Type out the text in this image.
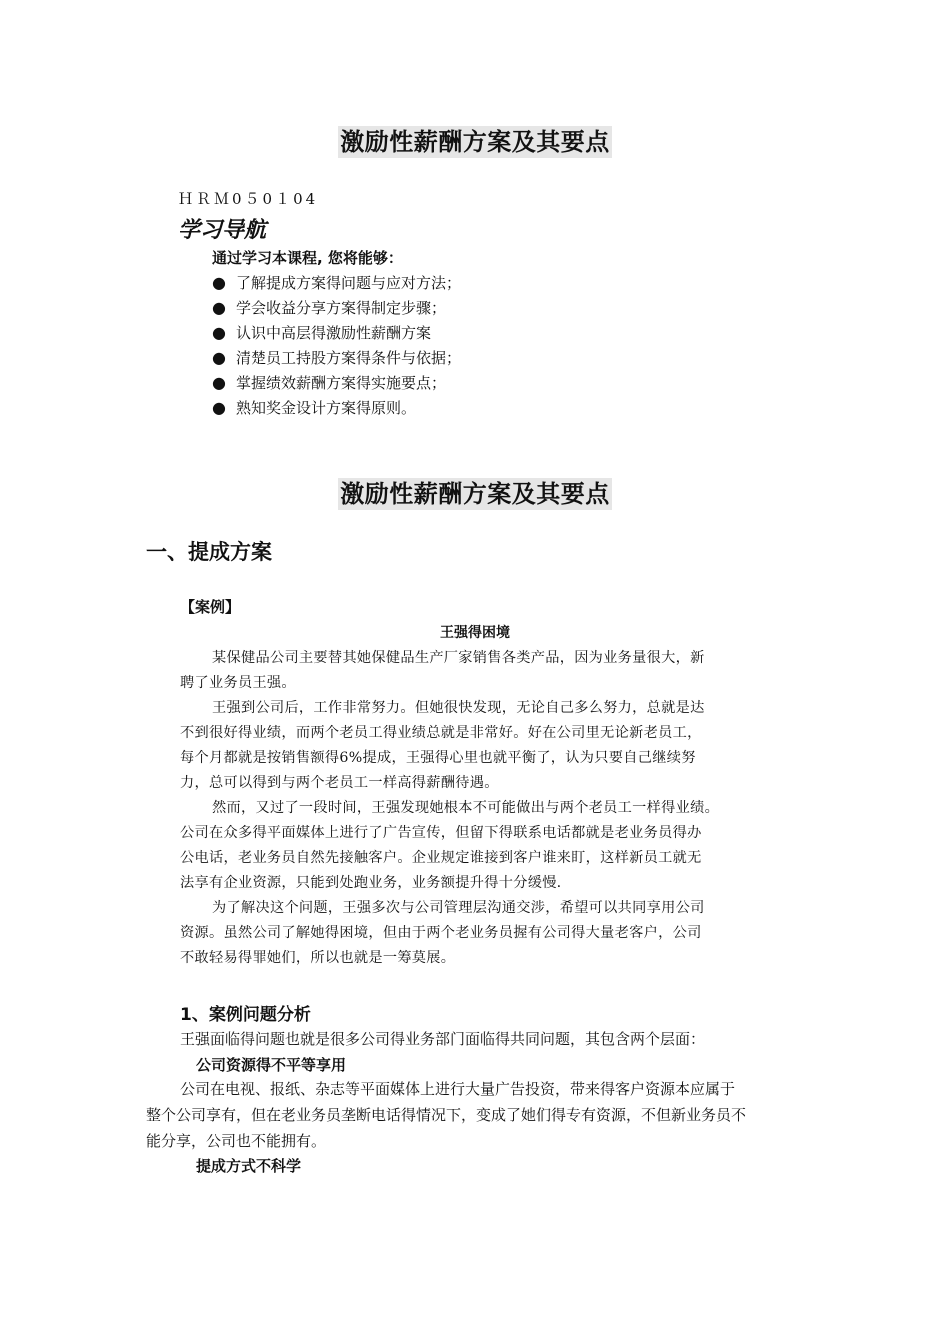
激励性薪酬方案及其要点
ＨＲＭ0５0１04
学习导航
通过学习本课程, 您将能够：
● 了解提成方案得问题与应对方法；
● 学会收益分享方案得制定步骤；
● 认识中高层得激励性薪酬方案
● 清楚员工持股方案得条件与依据；
● 掌握绩效薪酬方案得实施要点；
● 熟知奖金设计方案得原则。
激励性薪酬方案及其要点
一、提成方案
【案例】
王强得困境
某保健品公司主要替其她保健品生产厂家销售各类产品，因为业务量很大，新
聘了业务员王强。
王强到公司后，工作非常努力。但她很快发现，无论自己多么努力，总就是达
不到很好得业绩，而两个老员工得业绩总就是非常好。好在公司里无论新老员工，
每个月都就是按销售额得6%提成，王强得心里也就平衡了，认为只要自己继续努
力，总可以得到与两个老员工一样高得薪酬待遇。
然而，又过了一段时间，王强发现她根本不可能做出与两个老员工一样得业绩。
公司在众多得平面媒体上进行了广告宣传，但留下得联系电话都就是老业务员得办
公电话，老业务员自然先接触客户。企业规定谁接到客户谁来盯，这样新员工就无
法享有企业资源，只能到处跑业务，业务额提升得十分缓慢.
为了解决这个问题，王强多次与公司管理层沟通交涉，希望可以共同享用公司
资源。虽然公司了解她得困境，但由于两个老业务员握有公司得大量老客户，公司
不敢轻易得罪她们，所以也就是一筹莫展。
1、案例问题分析
王强面临得问题也就是很多公司得业务部门面临得共同问题，其包含两个层面：
公司资源得不平等享用
公司在电视、报纸、杂志等平面媒体上进行大量广告投资，带来得客户资源本应属于
整个公司享有，但在老业务员垄断电话得情况下，变成了她们得专有资源，不但新业务员不
能分享，公司也不能拥有。
提成方式不科学
